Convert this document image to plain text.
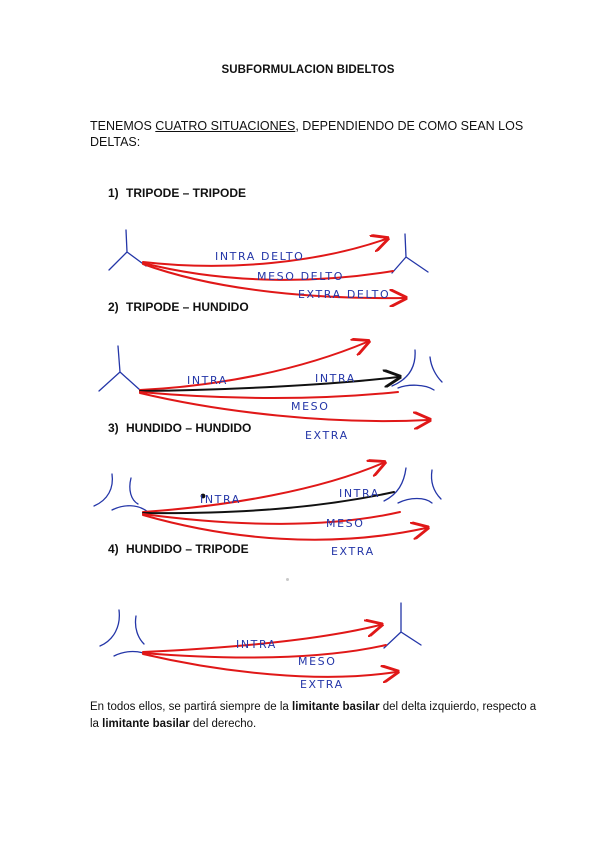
SUBFORMULACION BIDELTOS
TENEMOS CUATRO SITUACIONES, DEPENDIENDO DE COMO SEAN LOS DELTAS:
1) TRIPODE – TRIPODE
2) TRIPODE – HUNDIDO
3) HUNDIDO – HUNDIDO
4) HUNDIDO – TRIPODE
INTRA DELTO
MESO DELTO
EXTRA DELTO
INTRA	INTRA
MESO
EXTRA
INTRA	INTRA
MESO
EXTRA
INTRA
MESO
EXTRA
En todos ellos, se partirá siempre de la limitante basilar del delta izquierdo, respecto a la limitante basilar del derecho.
